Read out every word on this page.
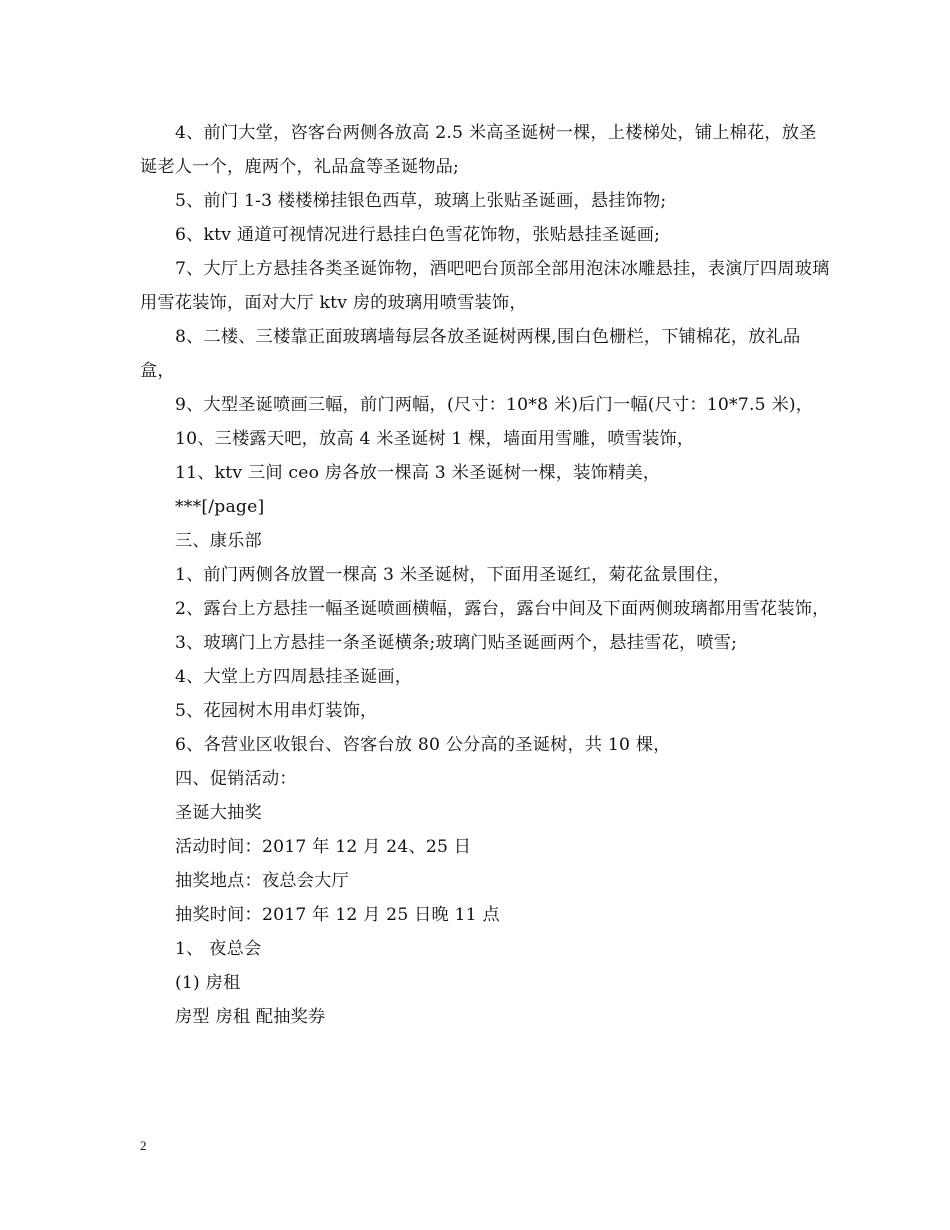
4、前门大堂，咨客台两侧各放高 2.5 米高圣诞树一棵，上楼梯处，铺上棉花，放圣诞老人一个，鹿两个，礼品盒等圣诞物品;

5、前门 1-3 楼楼梯挂银色西草，玻璃上张贴圣诞画，悬挂饰物;

6、ktv 通道可视情况进行悬挂白色雪花饰物，张贴悬挂圣诞画;

7、大厅上方悬挂各类圣诞饰物，酒吧吧台顶部全部用泡沫冰雕悬挂，表演厅四周玻璃用雪花装饰，面对大厅 ktv 房的玻璃用喷雪装饰，

8、二楼、三楼靠正面玻璃墙每层各放圣诞树两棵,围白色栅栏，下铺棉花，放礼品盒，

9、大型圣诞喷画三幅，前门两幅，(尺寸：10*8 米)后门一幅(尺寸：10*7.5 米)，

10、三楼露天吧，放高 4 米圣诞树 1 棵，墙面用雪雕，喷雪装饰，

11、ktv 三间 ceo 房各放一棵高 3 米圣诞树一棵，装饰精美，

***[/page]

三、康乐部

1、前门两侧各放置一棵高 3 米圣诞树，下面用圣诞红，菊花盆景围住，

2、露台上方悬挂一幅圣诞喷画横幅，露台，露台中间及下面两侧玻璃都用雪花装饰，

3、玻璃门上方悬挂一条圣诞横条;玻璃门贴圣诞画两个，悬挂雪花，喷雪;

4、大堂上方四周悬挂圣诞画，

5、花园树木用串灯装饰，

6、各营业区收银台、咨客台放 80 公分高的圣诞树，共 10 棵，

四、促销活动：

圣诞大抽奖

活动时间：2017 年 12 月 24、25 日

抽奖地点：夜总会大厅

抽奖时间：2017 年 12 月 25 日晚 11 点

1、 夜总会

(1) 房租

房型 房租 配抽奖券

2
